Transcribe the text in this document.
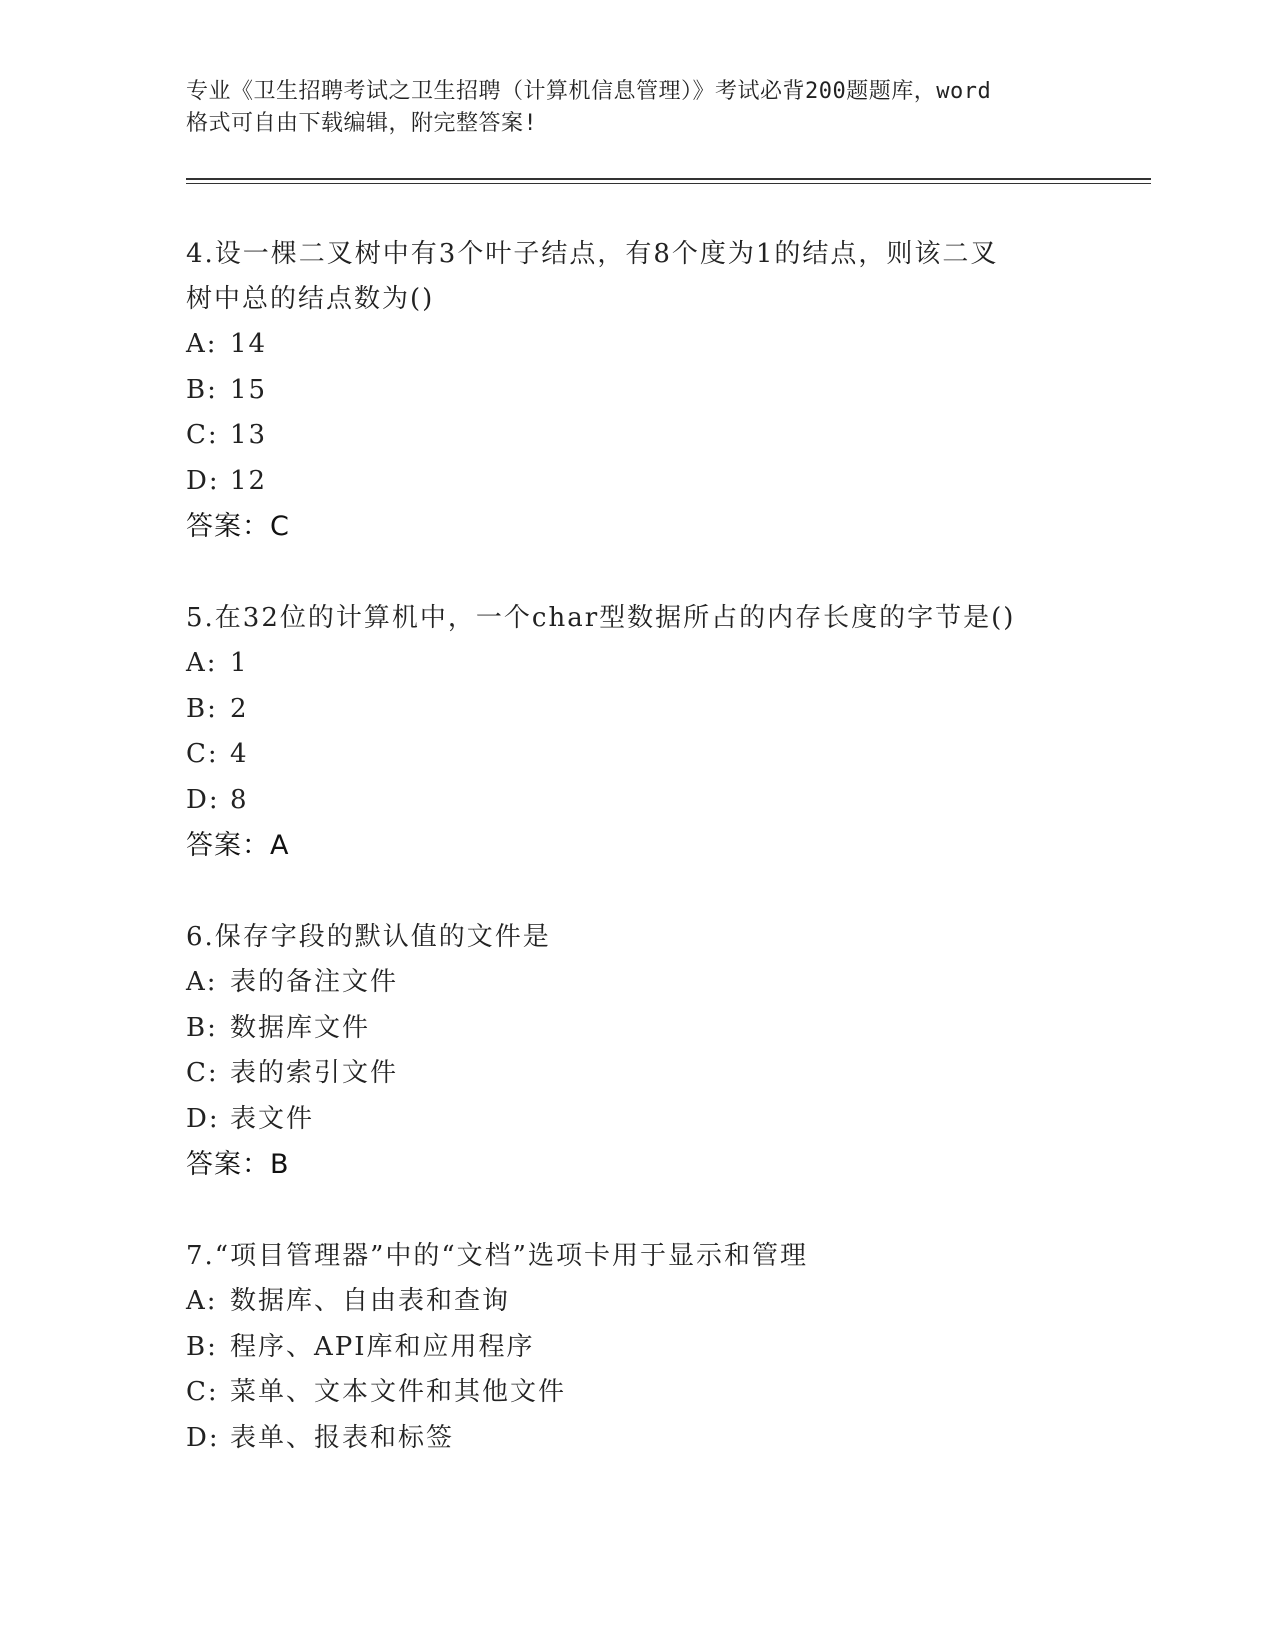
专业《卫生招聘考试之卫生招聘（计算机信息管理）》考试必背200题题库，word
格式可自由下载编辑，附完整答案!
4.设一棵二叉树中有3个叶子结点，有8个度为1的结点，则该二叉
树中总的结点数为()
A: 14
B: 15
C: 13
D: 12
答案：C
5.在32位的计算机中，一个char型数据所占的内存长度的字节是()
A: 1
B: 2
C: 4
D: 8
答案：A
6.保存字段的默认值的文件是
A: 表的备注文件
B: 数据库文件
C: 表的索引文件
D: 表文件
答案：B
7.“项目管理器”中的“文档”选项卡用于显示和管理
A: 数据库、自由表和查询
B: 程序、API库和应用程序
C: 菜单、文本文件和其他文件
D: 表单、报表和标签
